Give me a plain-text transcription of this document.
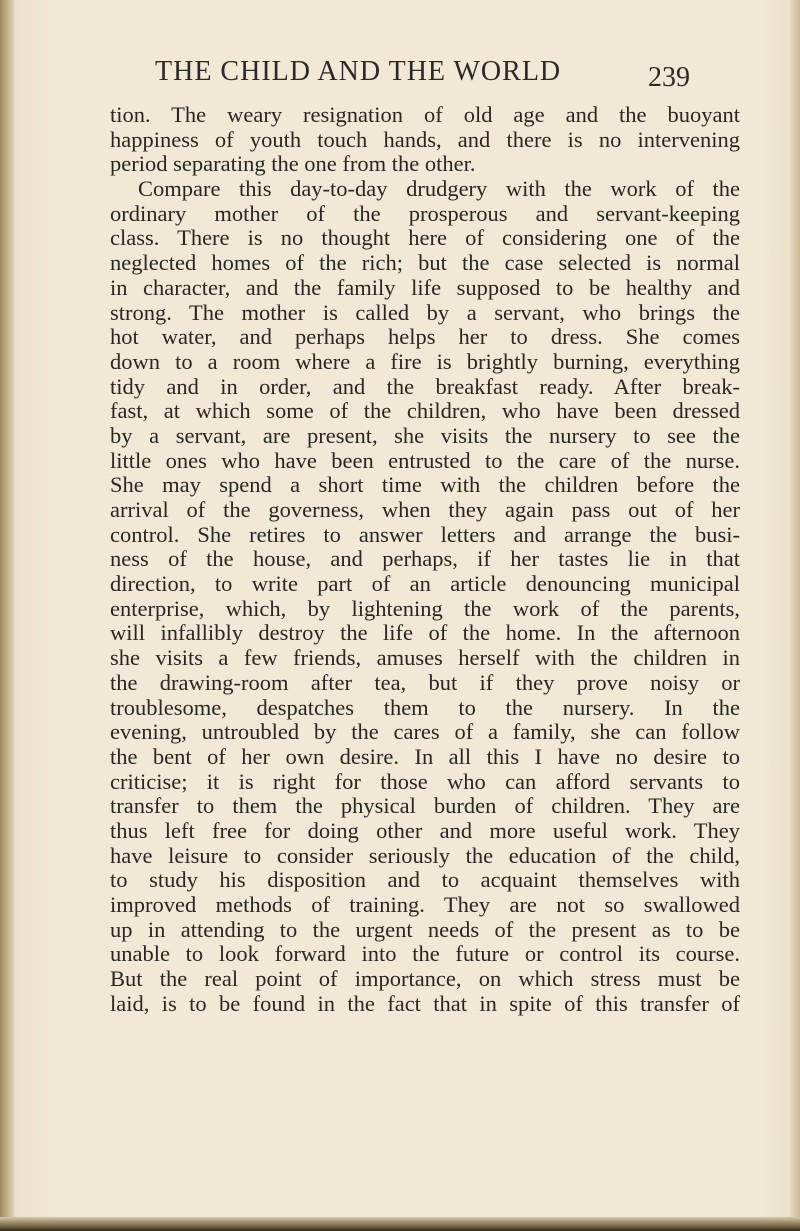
THE CHILD AND THE WORLD	239
tion. The weary resignation of old age and the buoyant
happiness of youth touch hands, and there is no intervening
period separating the one from the other.
Compare this day-to-day drudgery with the work of the
ordinary mother of the prosperous and servant-keeping
class. There is no thought here of considering one of the
neglected homes of the rich; but the case selected is normal
in character, and the family life supposed to be healthy and
strong. The mother is called by a servant, who brings the
hot water, and perhaps helps her to dress. She comes
down to a room where a fire is brightly burning, everything
tidy and in order, and the breakfast ready. After break-
fast, at which some of the children, who have been dressed
by a servant, are present, she visits the nursery to see the
little ones who have been entrusted to the care of the nurse.
She may spend a short time with the children before the
arrival of the governess, when they again pass out of her
control. She retires to answer letters and arrange the busi-
ness of the house, and perhaps, if her tastes lie in that
direction, to write part of an article denouncing municipal
enterprise, which, by lightening the work of the parents,
will infallibly destroy the life of the home. In the afternoon
she visits a few friends, amuses herself with the children in
the drawing-room after tea, but if they prove noisy or
troublesome, despatches them to the nursery. In the
evening, untroubled by the cares of a family, she can follow
the bent of her own desire. In all this I have no desire to
criticise; it is right for those who can afford servants to
transfer to them the physical burden of children. They are
thus left free for doing other and more useful work. They
have leisure to consider seriously the education of the child,
to study his disposition and to acquaint themselves with
improved methods of training. They are not so swallowed
up in attending to the urgent needs of the present as to be
unable to look forward into the future or control its course.
But the real point of importance, on which stress must be
laid, is to be found in the fact that in spite of this transfer of
